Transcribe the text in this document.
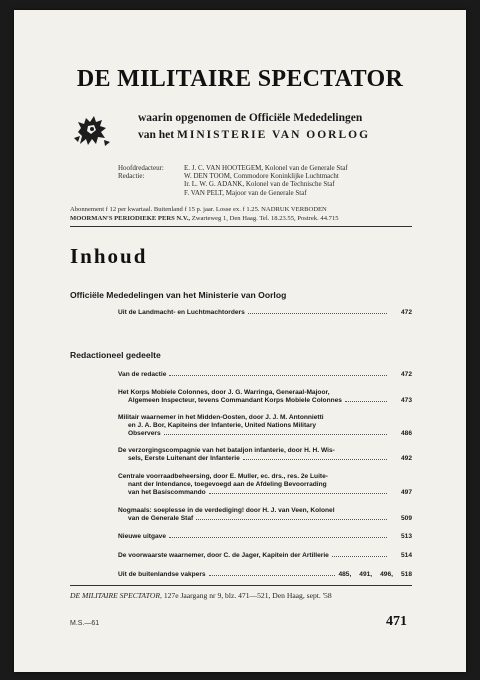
DE MILITAIRE SPECTATOR
waarin opgenomen de Officiële Mededelingen
van het MINISTERIE VAN OORLOG
Hoofdredacteur:	E. J. C. VAN HOOTEGEM, Kolonel van de Generale Staf
Redactie:	W. DEN TOOM, Commodore Koninklijke Luchtmacht
Ir. L. W. G. ADANK, Kolonel van de Technische Staf
F. VAN PELT, Majoor van de Generale Staf
Abonnement f 12 per kwartaal. Buitenland f 15 p. jaar. Losse ex. f 1.25. NADRUK VERBODEN
MOORMAN'S PERIODIEKE PERS N.V., Zwarteweg 1, Den Haag. Tel. 18.23.55, Postrek. 44.715
Inhoud
Officiële Mededelingen van het Ministerie van Oorlog
Uit de Landmacht- en Luchtmachtorders	472
Redactioneel gedeelte
Van de redactie	472
Het Korps Mobiele Colonnes, door J. G. Warringa, Generaal-Majoor,
Algemeen Inspecteur, tevens Commandant Korps Mobiele Colonnes	473
Militair waarnemer in het Midden-Oosten, door J. J. M. Antonnietti
en J. A. Bor, Kapiteins der Infanterie, United Nations Military
Observers	486
De verzorgingscompagnie van het bataljon infanterie, door H. H. Wis-
sels, Eerste Luitenant der Infanterie	492
Centrale voorraadbeheersing, door E. Muller, ec. drs., res. 2e Luite-
nant der Intendance, toegevoegd aan de Afdeling Bevoorrading
van het Basiscommando	497
Nogmaals: soeplesse in de verdediging! door H. J. van Veen, Kolonel
van de Generale Staf	509
Nieuwe uitgave	513
De voorwaarste waarnemer, door C. de Jager, Kapitein der Artillerie	514
Uit de buitenlandse vakpers	485, 491, 496, 518
DE MILITAIRE SPECTATOR, 127e Jaargang nr 9, blz. 471—521, Den Haag, sept. '58
M.S.—61	471
